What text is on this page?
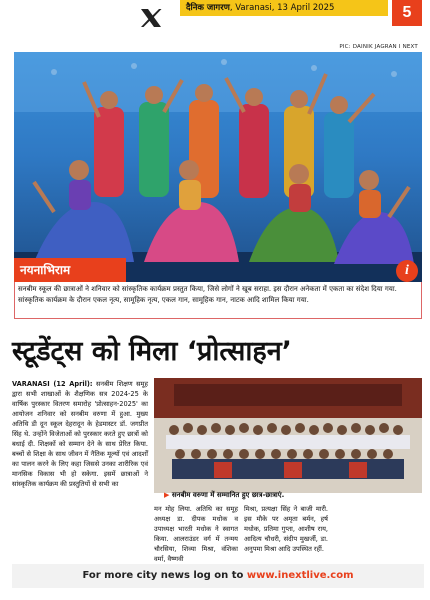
दैनिक जागरण, Varanasi, 13 April 2025	5
PIC: DAINIK JAGRAN I NEXT
नयनाभिराम	i
सनबीम स्कूल की छात्राओं ने शनिवार को सांस्कृतिक कार्यक्रम प्रस्तुत किया, जिसे लोगों ने खूब सराहा. इस दौरान अनेकता में एकता का संदेश दिया गया. सांस्कृतिक कार्यक्रम के दौरान एकल नृत्य, सामूहिक नृत्य, एकल गान, सामूहिक गान, नाटक आदि शामिल किया गया.
स्टूडेंट्स को मिला ‘प्रोत्साहन’
VARANASI (12 April): सनबीम शिक्षण समूह द्वारा सभी शाखाओं के शैक्षणिक सत्र 2024-25 के वार्षिक पुरस्कार वितरण समारोह 'प्रोत्साहन-2025' का आयोजन शनिवार को सनबीम वरुणा में हुआ. मुख्य अतिथि डी दून स्कूल देहरादून के हेडमास्टर डॉ. जगप्रीत सिंह थे. उन्होंने विजेताओं को पुरस्कार करते हुए छात्रों को बधाई दी. शिक्षकों को सम्मान देने के साथ प्रेरित किया. बच्चों से शिक्षा के साथ जीवन में नैतिक मूल्यों एवं आदर्शों का पालन करने के लिए कहा जिससे उनका शारीरिक एवं मानसिक विकास भी हो सकेगा. इसमें छात्राओं ने सांस्कृतिक कार्यक्रम की प्रस्तुतियों से सभी का
▶ सनबीम वरुणा में सम्मानित हुए छात्र-छात्राएं.
मन मोह लिया. अतिथि का समूह अध्यक्ष डा. दीपक मधोक व उपाध्यक्ष भारती मधोक ने स्वागत किया. आलराउंडर वर्ग में तन्मय चौरसिया, शिव्या मिश्रा, वंशिका वर्मा, वैष्णवी
मिश्रा, प्रत्यक्षा सिंह ने बाजी मारी. इस मौके पर अमृता बर्मन, हर्ष मधोक, प्रतिमा गुप्ता, आशीष राय, आदित्य चौधरी, संदीप मुखर्जी, डा. अनुपमा मिश्रा आदि उपस्थित रहीं.
For more city news log on to www.inextlive.com
